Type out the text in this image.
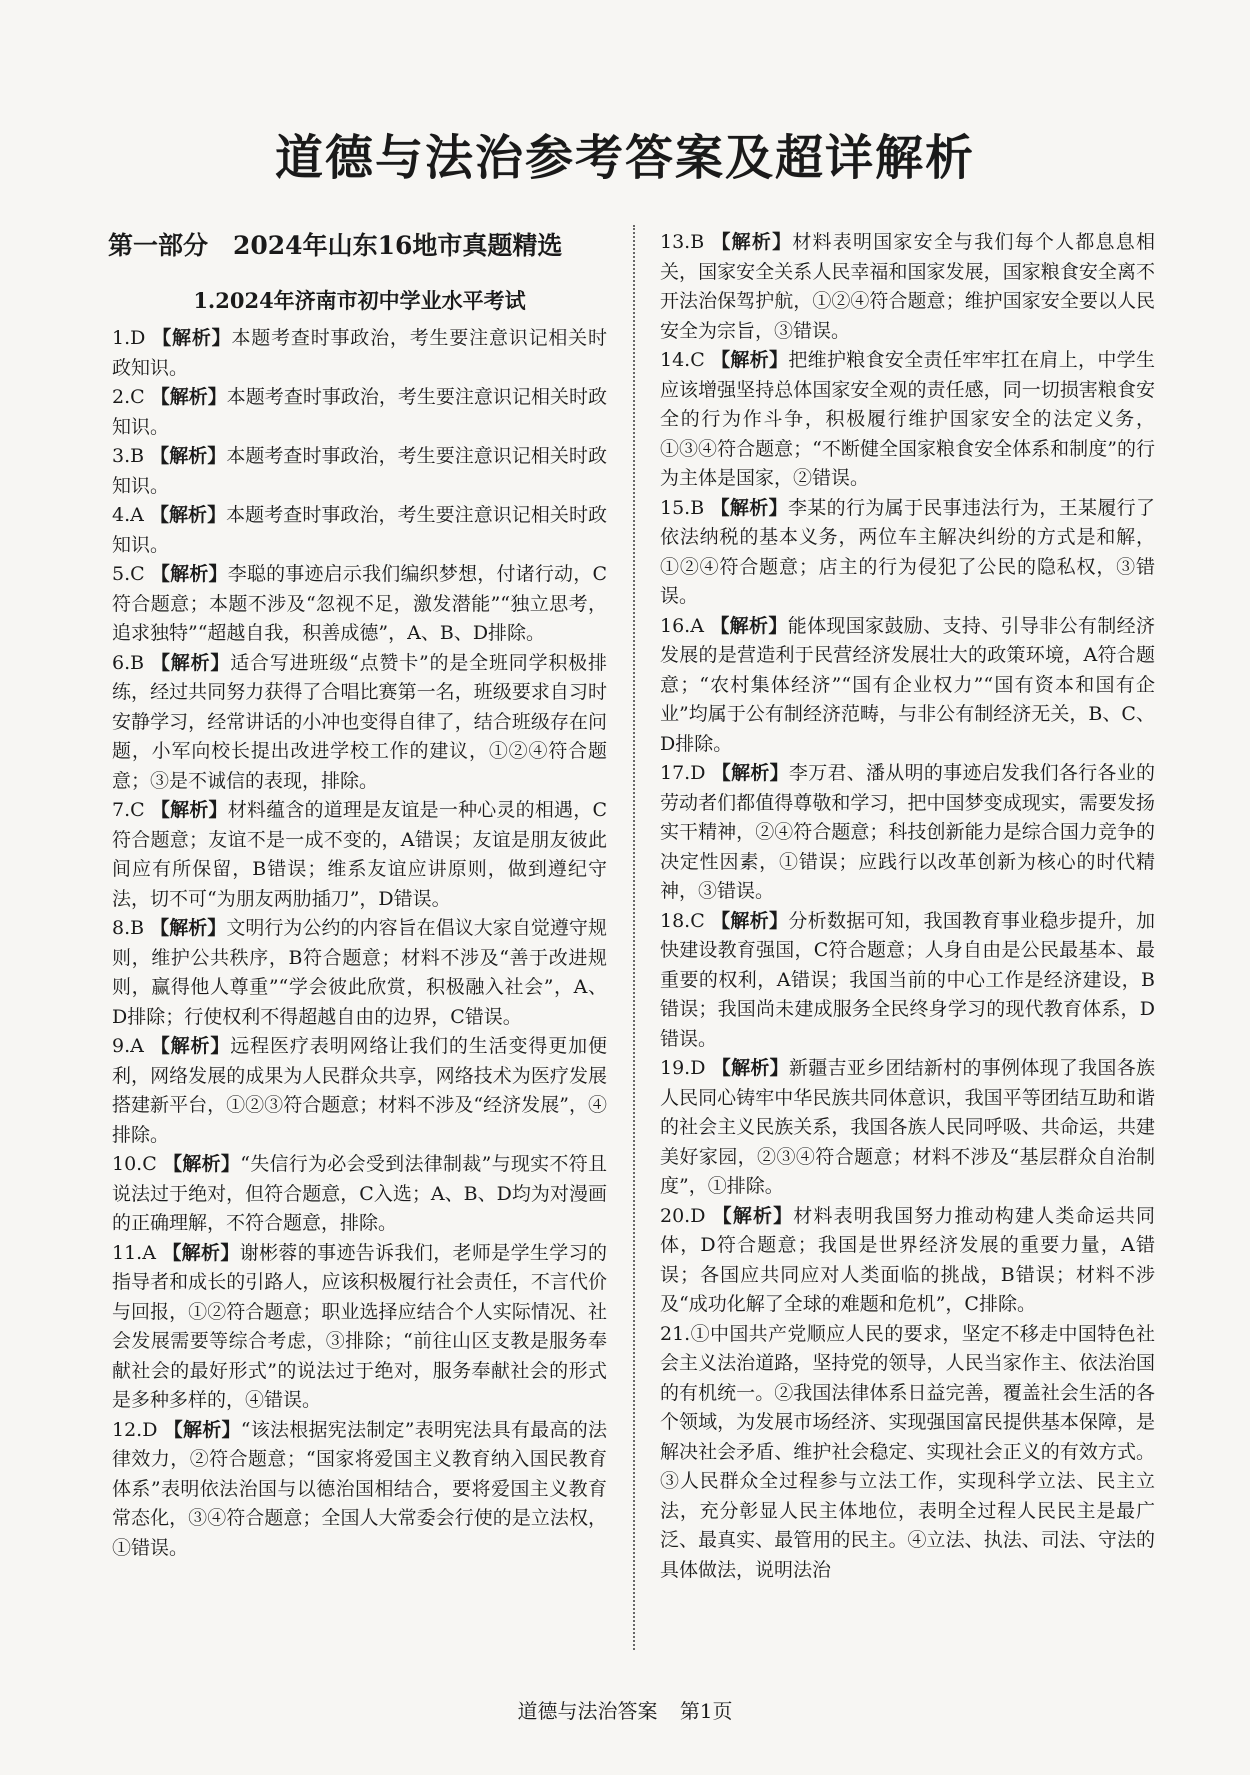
道德与法治参考答案及超详解析
第一部分　2024年山东16地市真题精选
1.2024年济南市初中学业水平考试

1.D 【解析】本题考查时事政治，考生要注意识记相关时政知识。

2.C 【解析】本题考查时事政治，考生要注意识记相关时政知识。

3.B 【解析】本题考查时事政治，考生要注意识记相关时政知识。

4.A 【解析】本题考查时事政治，考生要注意识记相关时政知识。

5.C 【解析】李聪的事迹启示我们编织梦想，付诸行动，C符合题意；本题不涉及“忽视不足，激发潜能”“独立思考，追求独特”“超越自我，积善成德”，A、B、D排除。

6.B 【解析】适合写进班级“点赞卡”的是全班同学积极排练，经过共同努力获得了合唱比赛第一名，班级要求自习时安静学习，经常讲话的小冲也变得自律了，结合班级存在问题，小军向校长提出改进学校工作的建议，①②④符合题意；③是不诚信的表现，排除。

7.C 【解析】材料蕴含的道理是友谊是一种心灵的相遇，C符合题意；友谊不是一成不变的，A错误；友谊是朋友彼此间应有所保留，B错误；维系友谊应讲原则，做到遵纪守法，切不可“为朋友两肋插刀”，D错误。

8.B 【解析】文明行为公约的内容旨在倡议大家自觉遵守规则，维护公共秩序，B符合题意；材料不涉及“善于改进规则，赢得他人尊重”“学会彼此欣赏，积极融入社会”，A、D排除；行使权利不得超越自由的边界，C错误。

9.A 【解析】远程医疗表明网络让我们的生活变得更加便利，网络发展的成果为人民群众共享，网络技术为医疗发展搭建新平台，①②③符合题意；材料不涉及“经济发展”，④排除。

10.C 【解析】“失信行为必会受到法律制裁”与现实不符且说法过于绝对，但符合题意，C入选；A、B、D均为对漫画的正确理解，不符合题意，排除。

11.A 【解析】谢彬蓉的事迹告诉我们，老师是学生学习的指导者和成长的引路人，应该积极履行社会责任，不言代价与回报，①②符合题意；职业选择应结合个人实际情况、社会发展需要等综合考虑，③排除；“前往山区支教是服务奉献社会的最好形式”的说法过于绝对，服务奉献社会的形式是多种多样的，④错误。

12.D 【解析】“该法根据宪法制定”表明宪法具有最高的法律效力，②符合题意；“国家将爱国主义教育纳入国民教育体系”表明依法治国与以德治国相结合，要将爱国主义教育常态化，③④符合题意；全国人大常委会行使的是立法权，①错误。

13.B 【解析】材料表明国家安全与我们每个人都息息相关，国家安全关系人民幸福和国家发展，国家粮食安全离不开法治保驾护航，①②④符合题意；维护国家安全要以人民安全为宗旨，③错误。

14.C 【解析】把维护粮食安全责任牢牢扛在肩上，中学生应该增强坚持总体国家安全观的责任感，同一切损害粮食安全的行为作斗争，积极履行维护国家安全的法定义务，①③④符合题意；“不断健全国家粮食安全体系和制度”的行为主体是国家，②错误。

15.B 【解析】李某的行为属于民事违法行为，王某履行了依法纳税的基本义务，两位车主解决纠纷的方式是和解，①②④符合题意；店主的行为侵犯了公民的隐私权，③错误。

16.A 【解析】能体现国家鼓励、支持、引导非公有制经济发展的是营造利于民营经济发展壮大的政策环境，A符合题意；“农村集体经济”“国有企业权力”“国有资本和国有企业”均属于公有制经济范畴，与非公有制经济无关，B、C、D排除。

17.D 【解析】李万君、潘从明的事迹启发我们各行各业的劳动者们都值得尊敬和学习，把中国梦变成现实，需要发扬实干精神，②④符合题意；科技创新能力是综合国力竞争的决定性因素，①错误；应践行以改革创新为核心的时代精神，③错误。

18.C 【解析】分析数据可知，我国教育事业稳步提升，加快建设教育强国，C符合题意；人身自由是公民最基本、最重要的权利，A错误；我国当前的中心工作是经济建设，B错误；我国尚未建成服务全民终身学习的现代教育体系，D错误。

19.D 【解析】新疆吉亚乡团结新村的事例体现了我国各族人民同心铸牢中华民族共同体意识，我国平等团结互助和谐的社会主义民族关系，我国各族人民同呼吸、共命运，共建美好家园，②③④符合题意；材料不涉及“基层群众自治制度”，①排除。

20.D 【解析】材料表明我国努力推动构建人类命运共同体，D符合题意；我国是世界经济发展的重要力量，A错误；各国应共同应对人类面临的挑战，B错误；材料不涉及“成功化解了全球的难题和危机”，C排除。

21.①中国共产党顺应人民的要求，坚定不移走中国特色社会主义法治道路，坚持党的领导，人民当家作主、依法治国的有机统一。②我国法律体系日益完善，覆盖社会生活的各个领域，为发展市场经济、实现强国富民提供基本保障，是解决社会矛盾、维护社会稳定、实现社会正义的有效方式。③人民群众全过程参与立法工作，实现科学立法、民主立法，充分彰显人民主体地位，表明全过程人民民主是最广泛、最真实、最管用的民主。④立法、执法、司法、守法的具体做法，说明法治

道德与法治答案 第1页
